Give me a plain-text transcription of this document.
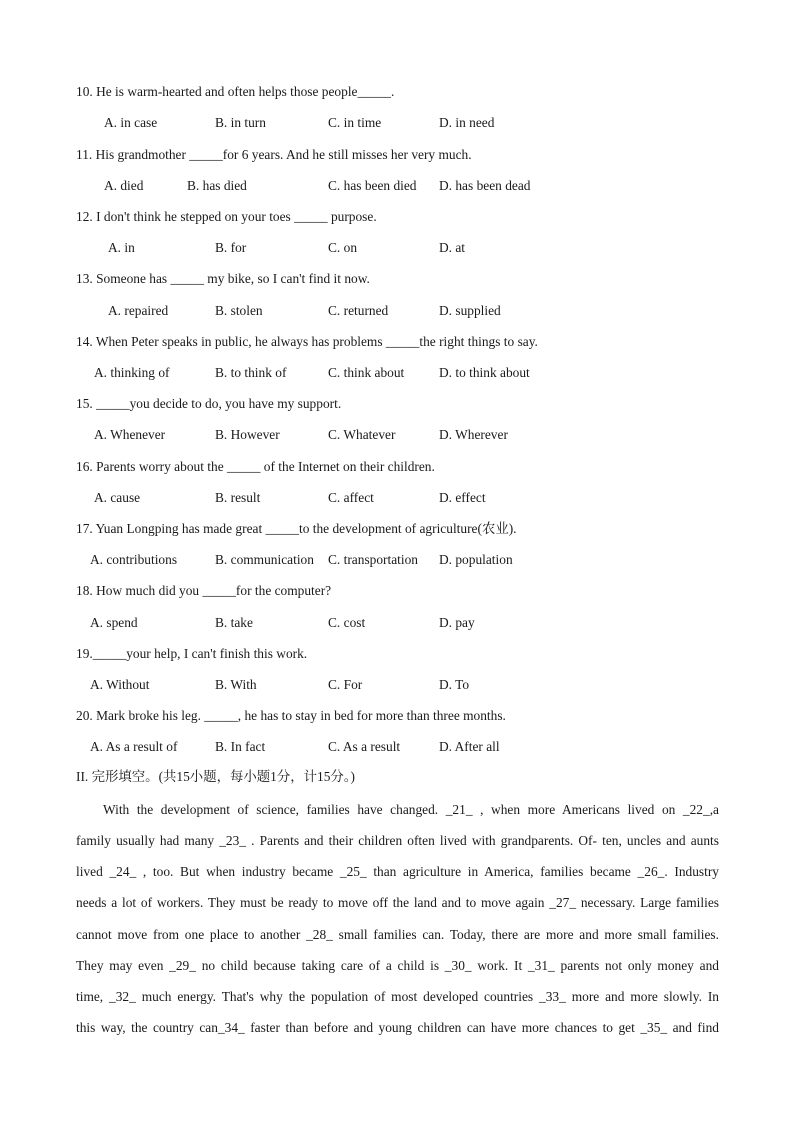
10. He is warm-hearted and often helps those people_____.
A. in case	B. in turn	C. in time	D. in need
11. His grandmother _____for 6 years. And he still misses her very much.
A. died	B. has died	C. has been died D. has been dead
12. I don't think he stepped on your toes _____ purpose.
A. in	B. for	C. on	D. at
13. Someone has _____ my bike, so I can't find it now.
A. repaired	B. stolen	C. returned	D. supplied
14. When Peter speaks in public, he always has problems _____the right things to say.
A. thinking of	B. to think of	C. think about	D. to think about
15. _____you decide to do, you have my support.
A. Whenever	B. However	C. Whatever	D. Wherever
16. Parents worry about the _____ of the Internet on their children.
A. cause	B. result	C. affect	D. effect
17. Yuan Longping has made great _____to the development of agriculture(农业).
A. contributions	B. communication C. transportation D. population
18. How much did you _____for the computer?
A. spend	B. take	C. cost	D. pay
19._____your help, I can't finish this work.
A. Without	B. With	C. For	D. To
20. Mark broke his leg. _____, he has to stay in bed for more than three months.
A. As a result of	B. In fact	C. As a result	D. After all
II. 完形填空。(共15小题，每小题1分，计15分。)
With the development of science, families have changed. _21_ , when more Americans lived on _22_,a
family usually had many _23_ . Parents and their children often lived with grandparents. Of- ten, uncles and aunts
lived _24_ , too. But when industry became _25_ than agriculture in America, families became _26_. Industry
needs a lot of workers. They must be ready to move off the land and to move again _27_ necessary. Large families
cannot move from one place to another _28_ small families can. Today, there are more and more small families.
They may even _29_ no child because taking care of a child is _30_ work. It _31_ parents not only money and
time, _32_ much energy. That's why the population of most developed countries _33_ more and more slowly. In
this way, the country can_34_ faster than before and young children can have more chances to get _35_ and find
